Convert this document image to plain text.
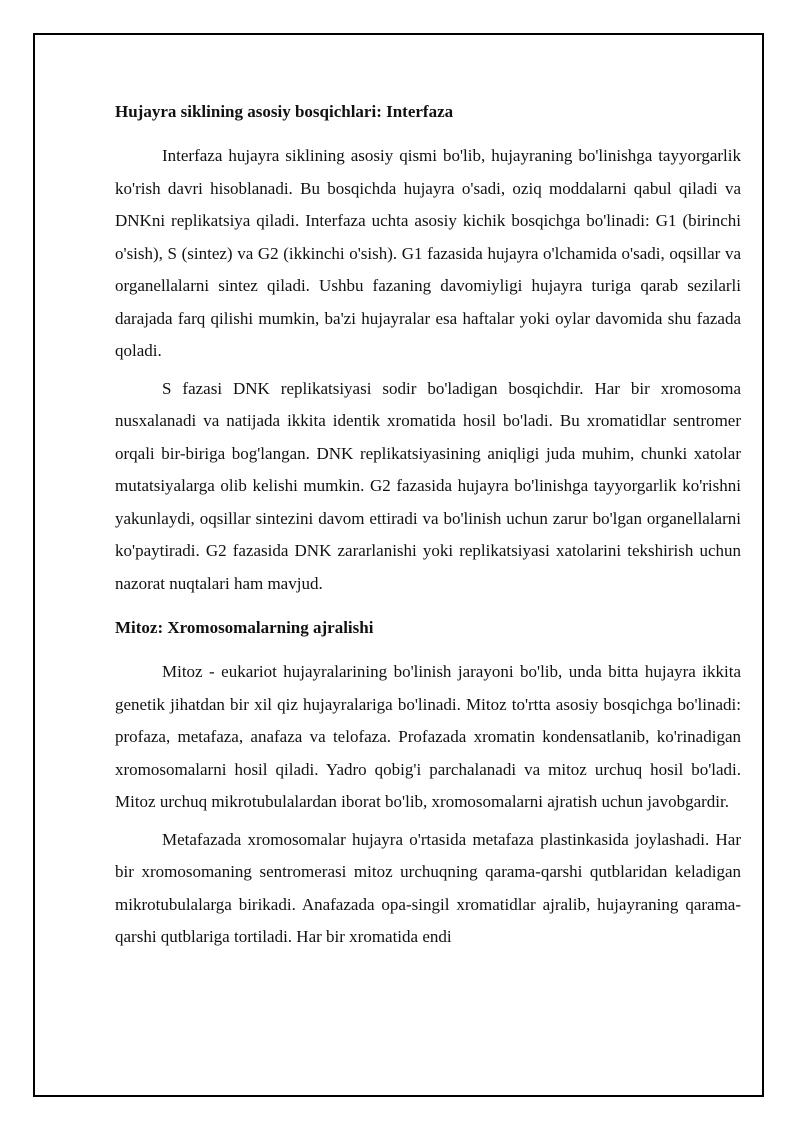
Hujayra siklining asosiy bosqichlari: Interfaza

Interfaza hujayra siklining asosiy qismi bo'lib, hujayraning bo'linishga tayyorgarlik ko'rish davri hisoblanadi. Bu bosqichda hujayra o'sadi, oziq moddalarni qabul qiladi va DNKni replikatsiya qiladi. Interfaza uchta asosiy kichik bosqichga bo'linadi: G1 (birinchi o'sish), S (sintez) va G2 (ikkinchi o'sish). G1 fazasida hujayra o'lchamida o'sadi, oqsillar va organellalarni sintez qiladi. Ushbu fazaning davomiyligi hujayra turiga qarab sezilarli darajada farq qilishi mumkin, ba'zi hujayralar esa haftalar yoki oylar davomida shu fazada qoladi.

S fazasi DNK replikatsiyasi sodir bo'ladigan bosqichdir. Har bir xromosoma nusxalanadi va natijada ikkita identik xromatida hosil bo'ladi. Bu xromatidlar sentromer orqali bir-biriga bog'langan. DNK replikatsiyasining aniqligi juda muhim, chunki xatolar mutatsiyalarga olib kelishi mumkin. G2 fazasida hujayra bo'linishga tayyorgarlik ko'rishni yakunlaydi, oqsillar sintezini davom ettiradi va bo'linish uchun zarur bo'lgan organellalarni ko'paytiradi. G2 fazasida DNK zararlanishi yoki replikatsiyasi xatolarini tekshirish uchun nazorat nuqtalari ham mavjud.

Mitoz: Xromosomalarning ajralishi

Mitoz - eukariot hujayralarining bo'linish jarayoni bo'lib, unda bitta hujayra ikkita genetik jihatdan bir xil qiz hujayralariga bo'linadi. Mitoz to'rtta asosiy bosqichga bo'linadi: profaza, metafaza, anafaza va telofaza. Profazada xromatin kondensatlanib, ko'rinadigan xromosomalarni hosil qiladi. Yadro qobig'i parchalanadi va mitoz urchuq hosil bo'ladi. Mitoz urchuq mikrotubulalardan iborat bo'lib, xromosomalarni ajratish uchun javobgardir.

Metafazada xromosomalar hujayra o'rtasida metafaza plastinkasida joylashadi. Har bir xromosomaning sentromerasi mitoz urchuqning qarama-qarshi qutblaridan keladigan mikrotubulalarga birikadi. Anafazada opa-singil xromatidlar ajralib, hujayraning qarama-qarshi qutblariga tortiladi. Har bir xromatida endi
